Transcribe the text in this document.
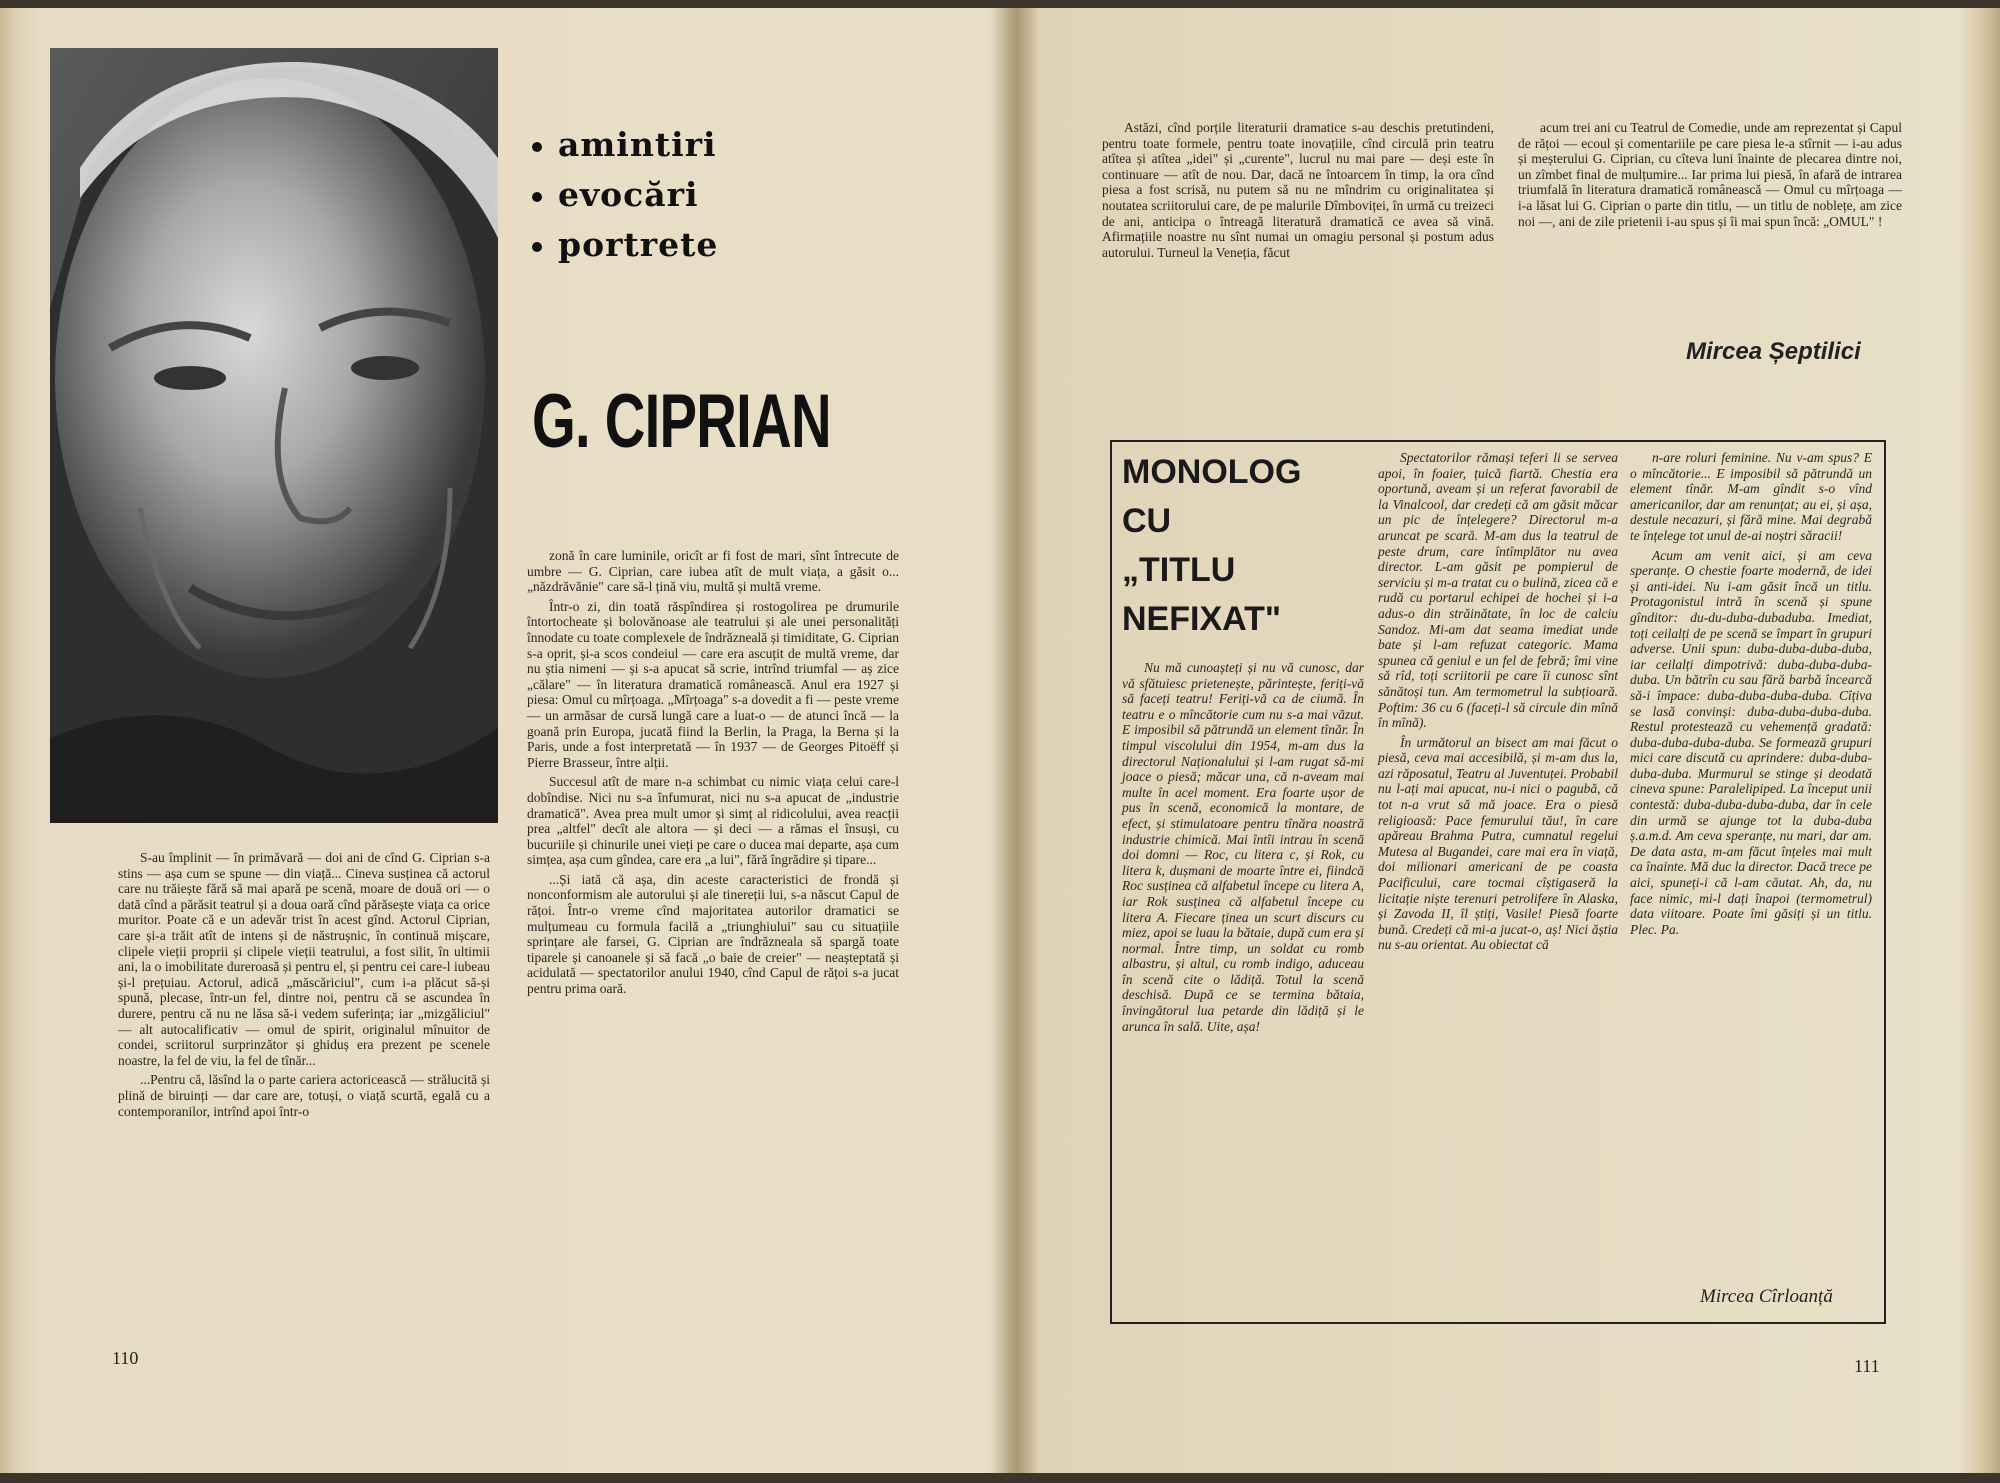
amintiri
evocări
portrete
G. CIPRIAN

S-au împlinit — în primăvară — doi ani de cînd G. Ciprian s-a stins — așa cum se spune — din viață... Cineva susținea că actorul care nu trăiește fără să mai apară pe scenă, moare de două ori — o dată cînd a părăsit teatrul și a doua oară cînd părăsește viața ca orice muritor. Poate că e un adevăr trist în acest gînd. Actorul Ciprian, care și-a trăit atît de intens și de năstrușnic, în continuă mișcare, clipele vieții proprii și clipele vieții teatrului, a fost silit, în ultimii ani, la o imobilitate dureroasă și pentru el, și pentru cei care-l iubeau și-l prețuiau. Actorul, adică „măscăriciul", cum i-a plăcut să-și spună, plecase, într-un fel, dintre noi, pentru că se ascundea în durere, pentru că nu ne lăsa să-i vedem suferința; iar „mizgăliciul" — alt autocalificativ — omul de spirit, originalul mînuitor de condei, scriitorul surprinzător și ghiduș era prezent pe scenele noastre, la fel de viu, la fel de tînăr...

...Pentru că, lăsînd la o parte cariera actoricească — strălucită și plină de biruinți — dar care are, totuși, o viață scurtă, egală cu a contemporanilor, intrînd apoi într-o

zonă în care luminile, oricît ar fi fost de mari, sînt întrecute de umbre — G. Ciprian, care iubea atît de mult viața, a găsit o... „năzdrăvănie" care să-l țină viu, multă și multă vreme.

Într-o zi, din toată răspîndirea și rostogolirea pe drumurile întortocheate și bolovănoase ale teatrului și ale unei personalități înnodate cu toate complexele de îndrăzneală și timiditate, G. Ciprian s-a oprit, și-a scos condeiul — care era ascuțit de multă vreme, dar nu știa nimeni — și s-a apucat să scrie, intrînd triumfal — aș zice „călare" — în literatura dramatică românească. Anul era 1927 și piesa: Omul cu mîrțoaga. „Mîrțoaga" s-a dovedit a fi — peste vreme — un armăsar de cursă lungă care a luat-o — de atunci încă — la goană prin Europa, jucată fiind la Berlin, la Praga, la Berna și la Paris, unde a fost interpretată — în 1937 — de Georges Pitoëff și Pierre Brasseur, între alții.

Succesul atît de mare n-a schimbat cu nimic viața celui care-l dobîndise. Nici nu s-a înfumurat, nici nu s-a apucat de „industrie dramatică". Avea prea mult umor și simț al ridicolului, avea reacții prea „altfel" decît ale altora — și deci — a rămas el însuși, cu bucuriile și chinurile unei vieți pe care o ducea mai departe, așa cum simțea, așa cum gîndea, care era „a lui", fără îngrădire și tipare...

...Și iată că așa, din aceste caracteristici de frondă și nonconformism ale autorului și ale tinereții lui, s-a născut Capul de rățoi. Într-o vreme cînd majoritatea autorilor dramatici se mulțumeau cu formula facilă a „triunghiului" sau cu situațiile sprințare ale farsei, G. Ciprian are îndrăzneala să spargă toate tiparele și canoanele și să facă „o baie de creier" — neașteptată și acidulată — spectatorilor anului 1940, cînd Capul de rățoi s-a jucat pentru prima oară.

110

Astăzi, cînd porțile literaturii dramatice s-au deschis pretutindeni, pentru toate formele, pentru toate inovațiile, cînd circulă prin teatru atîtea și atîtea „idei" și „curente", lucrul nu mai pare — deși este în continuare — atît de nou. Dar, dacă ne întoarcem în timp, la ora cînd piesa a fost scrisă, nu putem să nu ne mîndrim cu originalitatea și noutatea scriitorului care, de pe malurile Dîmboviței, în urmă cu treizeci de ani, anticipa o întreagă literatură dramatică ce avea să vină. Afirmațiile noastre nu sînt numai un omagiu personal și postum adus autorului. Turneul la Veneția, făcut

acum trei ani cu Teatrul de Comedie, unde am reprezentat și Capul de rățoi — ecoul și comentariile pe care piesa le-a stîrnit — i-au adus și meșterului G. Ciprian, cu cîteva luni înainte de plecarea dintre noi, un zîmbet final de mulțumire... Iar prima lui piesă, în afară de intrarea triumfală în literatura dramatică românească — Omul cu mîrțoaga — i-a lăsat lui G. Ciprian o parte din titlu, — un titlu de noblețe, am zice noi —, ani de zile prietenii i-au spus și îi mai spun încă: „OMUL" !

Mircea Șeptilici
MONOLOG
CU
„TITLU
NEFIXAT"

Nu mă cunoașteți și nu vă cunosc, dar vă sfătuiesc prietenește, părintește, feriți-vă să faceți teatru! Feriți-vă ca de ciumă. În teatru e o mîncătorie cum nu s-a mai văzut. E imposibil să pătrundă un element tînăr. În timpul viscolului din 1954, m-am dus la directorul Naționalului și l-am rugat să-mi joace o piesă; măcar una, că n-aveam mai multe în acel moment. Era foarte ușor de pus în scenă, economică la montare, de efect, și stimulatoare pentru tînăra noastră industrie chimică. Mai întîi intrau în scenă doi domni — Roc, cu litera c, și Rok, cu litera k, dușmani de moarte între ei, fiindcă Roc susținea că alfabetul începe cu litera A, iar Rok susținea că alfabetul începe cu litera A. Fiecare ținea un scurt discurs cu miez, apoi se luau la bătaie, după cum era și normal. Între timp, un soldat cu romb albastru, și altul, cu romb indigo, aduceau în scenă cite o lădiță. Totul la scenă deschisă. După ce se termina bătaia, învingătorul lua petarde din lădiță și le arunca în sală. Uite, așa!

Spectatorilor rămași teferi li se servea apoi, în foaier, țuică fiartă. Chestia era oportună, aveam și un referat favorabil de la Vinalcool, dar credeți că am găsit măcar un pic de înțelegere? Directorul m-a aruncat pe scară. M-am dus la teatrul de peste drum, care întîmplător nu avea director. L-am găsit pe pompierul de serviciu și m-a tratat cu o bulină, zicea că e rudă cu portarul echipei de hochei și i-a adus-o din străinătate, în loc de calciu Sandoz. Mi-am dat seama imediat unde bate și l-am refuzat categoric. Mama spunea că geniul e un fel de febră; îmi vine să rîd, toți scriitorii pe care îi cunosc sînt sănătoși tun. Am termometrul la subțioară. Poftim: 36 cu 6 (faceți-l să circule din mînă în mînă).

În următorul an bisect am mai făcut o piesă, ceva mai accesibilă, și m-am dus la, azi răposatul, Teatru al Juventuței. Probabil nu l-ați mai apucat, nu-i nici o pagubă, că tot n-a vrut să mă joace. Era o piesă religioasă: Pace femurului tău!, în care apăreau Brahma Putra, cumnatul regelui Mutesa al Bugandei, care mai era în viață, doi milionari americani de pe coasta Pacificului, care tocmai cîștigaseră la licitație niște terenuri petrolifere în Alaska, și Zavoda II, îl știți, Vasile! Piesă foarte bună. Credeți că mi-a jucat-o, aș! Nici ăștia nu s-au orientat. Au obiectat că

n-are roluri feminine. Nu v-am spus? E o mîncătorie... E imposibil să pătrundă un element tînăr. M-am gîndit s-o vînd americanilor, dar am renunțat; au ei, și așa, destule necazuri, și fără mine. Mai degrabă te înțelege tot unul de-ai noștri săracii!

Acum am venit aici, și am ceva speranțe. O chestie foarte modernă, de idei și anti-idei. Nu i-am găsit încă un titlu. Protagonistul intră în scenă și spune gînditor: du-du-duba-dubaduba. Imediat, toți ceilalți de pe scenă se împart în grupuri adverse. Unii spun: duba-duba-duba-duba, iar ceilalți dimpotrivă: duba-duba-duba-duba. Un bătrîn cu sau fără barbă încearcă să-i împace: duba-duba-duba-duba. Cîțiva se lasă convinși: duba-duba-duba-duba. Restul protestează cu vehemență gradată: duba-duba-duba-duba. Se formează grupuri mici care discută cu aprindere: duba-duba-duba-duba. Murmurul se stinge și deodată cineva spune: Paralelipiped. La început unii contestă: duba-duba-duba-duba, dar în cele din urmă se ajunge tot la duba-duba ș.a.m.d. Am ceva speranțe, nu mari, dar am. De data asta, m-am făcut înțeles mai mult ca înainte. Mă duc la director. Dacă trece pe aici, spuneți-i că l-am căutat. Ah, da, nu face nimic, mi-l dați înapoi (termometrul) data viitoare. Poate îmi găsiți și un titlu. Plec. Pa.

Mircea Cîrloanță
111
